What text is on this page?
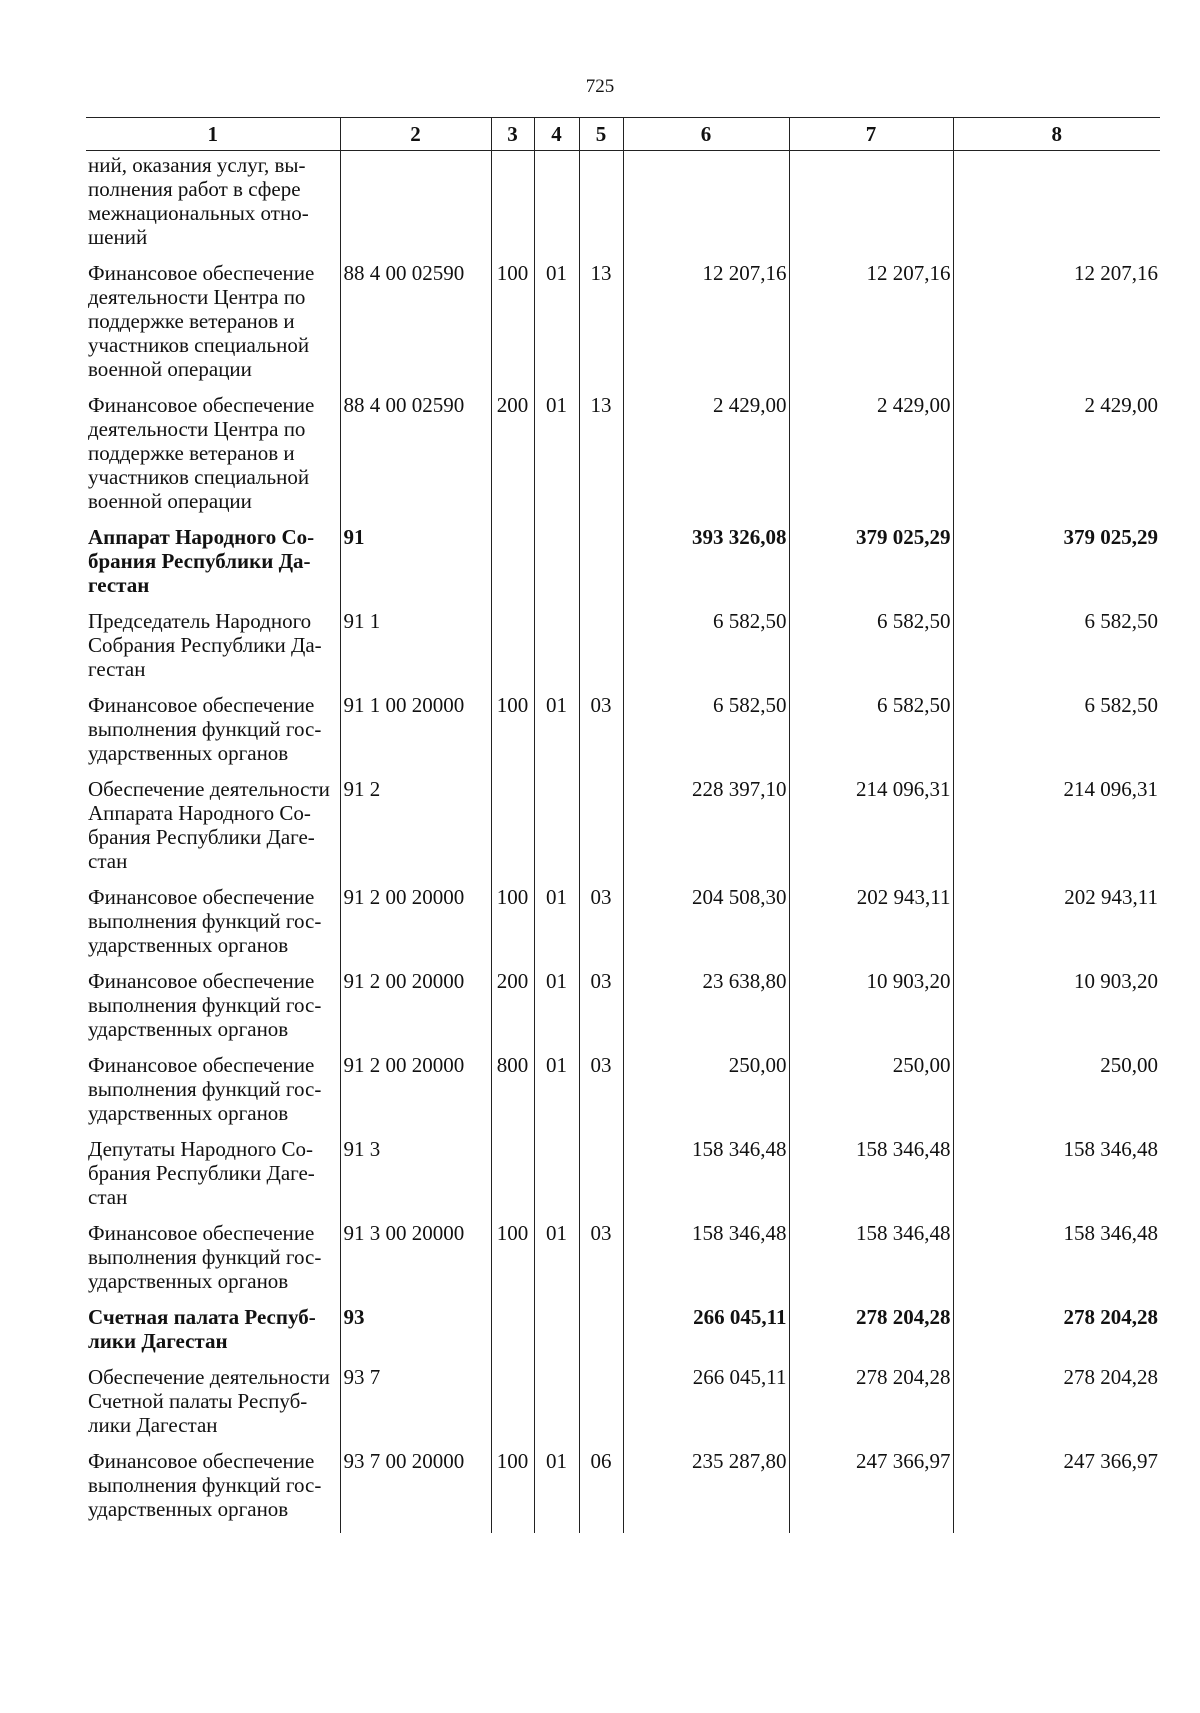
725
1	2	3	4	5	6	7	8
ний, оказания услуг, вы-
полнения работ в сфере
межнациональных отно-
шений							
Финансовое обеспечение
деятельности Центра по
поддержке ветеранов и
участников специальной
военной операции	88 4 00 02590	100	01	13	12 207,16	12 207,16	12 207,16
Финансовое обеспечение
деятельности Центра по
поддержке ветеранов и
участников специальной
военной операции	88 4 00 02590	200	01	13	2 429,00	2 429,00	2 429,00
Аппарат Народного Со-
брания Республики Да-
гестан	91				393 326,08	379 025,29	379 025,29
Председатель Народного
Собрания Республики Да-
гестан	91 1				6 582,50	6 582,50	6 582,50
Финансовое обеспечение
выполнения функций гос-
ударственных органов	91 1 00 20000	100	01	03	6 582,50	6 582,50	6 582,50
Обеспечение деятельности
Аппарата Народного Со-
брания Республики Даге-
стан	91 2				228 397,10	214 096,31	214 096,31
Финансовое обеспечение
выполнения функций гос-
ударственных органов	91 2 00 20000	100	01	03	204 508,30	202 943,11	202 943,11
Финансовое обеспечение
выполнения функций гос-
ударственных органов	91 2 00 20000	200	01	03	23 638,80	10 903,20	10 903,20
Финансовое обеспечение
выполнения функций гос-
ударственных органов	91 2 00 20000	800	01	03	250,00	250,00	250,00
Депутаты Народного Со-
брания Республики Даге-
стан	91 3				158 346,48	158 346,48	158 346,48
Финансовое обеспечение
выполнения функций гос-
ударственных органов	91 3 00 20000	100	01	03	158 346,48	158 346,48	158 346,48
Счетная палата Респуб-
лики Дагестан	93				266 045,11	278 204,28	278 204,28
Обеспечение деятельности
Счетной палаты Респуб-
лики Дагестан	93 7				266 045,11	278 204,28	278 204,28
Финансовое обеспечение
выполнения функций гос-
ударственных органов	93 7 00 20000	100	01	06	235 287,80	247 366,97	247 366,97
